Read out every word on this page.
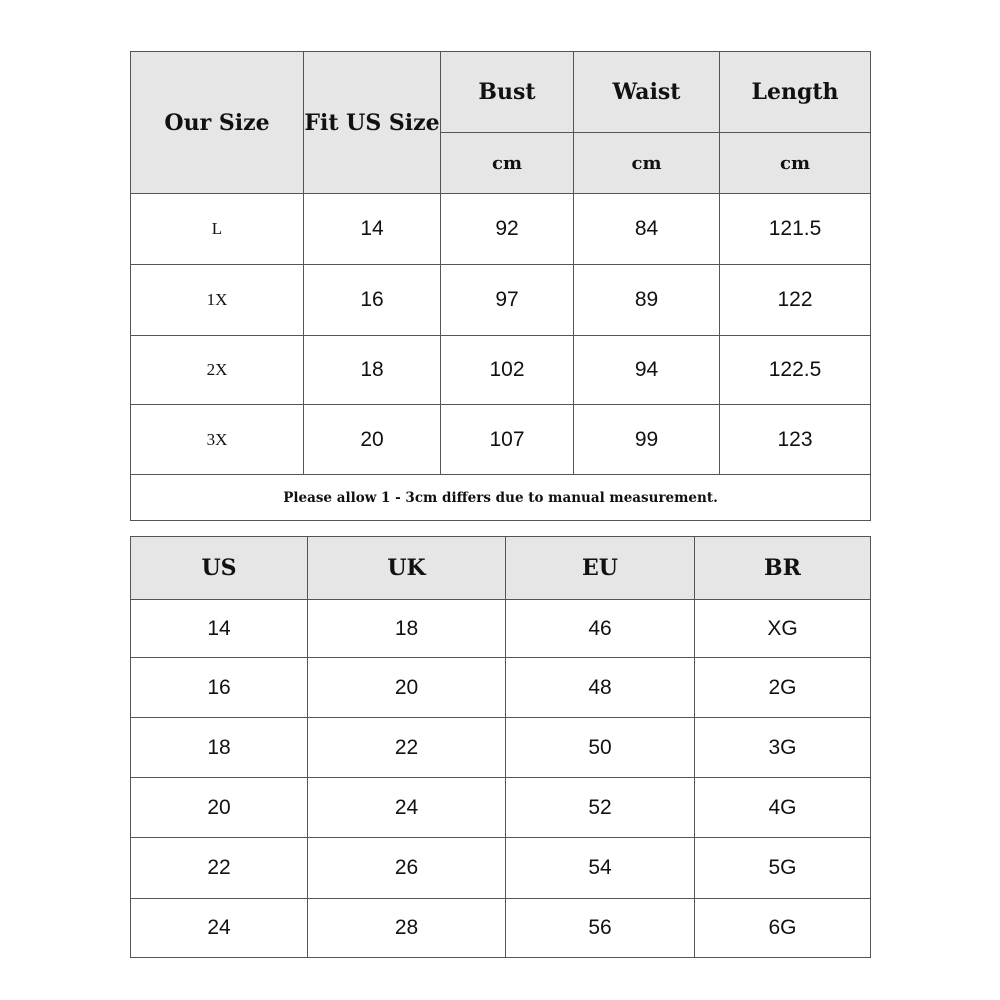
Our Size	Fit US Size	Bust	Waist	Length
		cm	cm	cm
L	14	92	84	121.5
1X	16	97	89	122
2X	18	102	94	122.5
3X	20	107	99	123
Please allow 1 - 3cm differs due to manual measurement.				
US	UK	EU	BR
14	18	46	XG
16	20	48	2G
18	22	50	3G
20	24	52	4G
22	26	54	5G
24	28	56	6G
